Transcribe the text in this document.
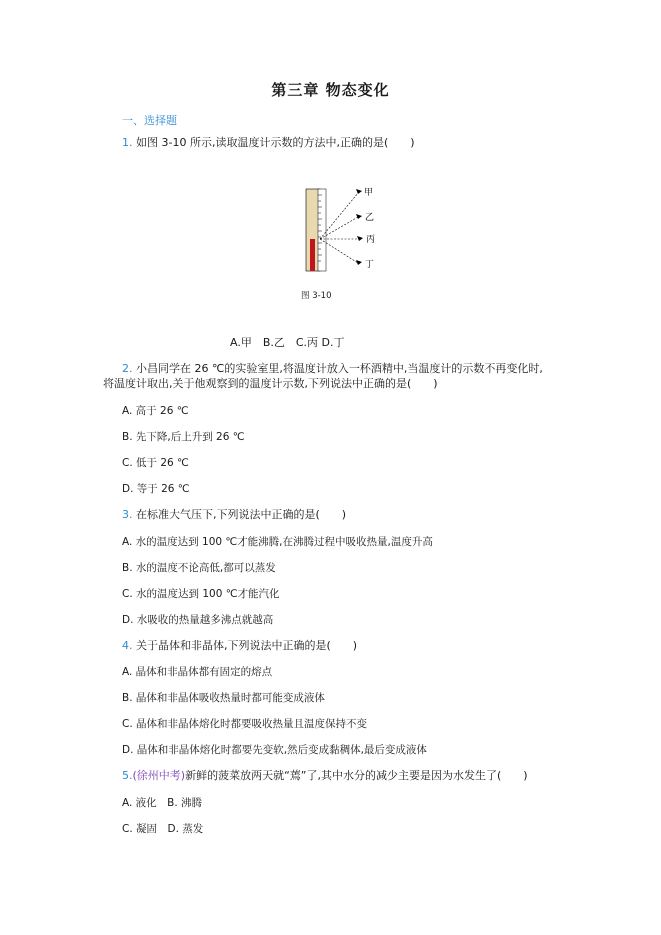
第三章 物态变化
一、选择题
1. 如图 3-10 所示,读取温度计示数的方法中,正确的是(　　)
甲
乙
丙
丁
图 3-10
A.甲　B.乙　C.丙 D.丁
2. 小昌同学在 26 ℃的实验室里,将温度计放入一杯酒精中,当温度计的示数不再变化时,
将温度计取出,关于他观察到的温度计示数,下列说法中正确的是(　　)
A. 高于 26 ℃
B. 先下降,后上升到 26 ℃
C. 低于 26 ℃
D. 等于 26 ℃
3. 在标准大气压下,下列说法中正确的是(　　)
A. 水的温度达到 100 ℃才能沸腾,在沸腾过程中吸收热量,温度升高
B. 水的温度不论高低,都可以蒸发
C. 水的温度达到 100 ℃才能汽化
D. 水吸收的热量越多沸点就越高
4. 关于晶体和非晶体,下列说法中正确的是(　　)
A. 晶体和非晶体都有固定的熔点
B. 晶体和非晶体吸收热量时都可能变成液体
C. 晶体和非晶体熔化时都要吸收热量且温度保持不变
D. 晶体和非晶体熔化时都要先变软,然后变成黏稠体,最后变成液体
5.(徐州中考)新鲜的菠菜放两天就“蔫”了,其中水分的减少主要是因为水发生了(　　)
A. 液化　B. 沸腾
C. 凝固　D. 蒸发
